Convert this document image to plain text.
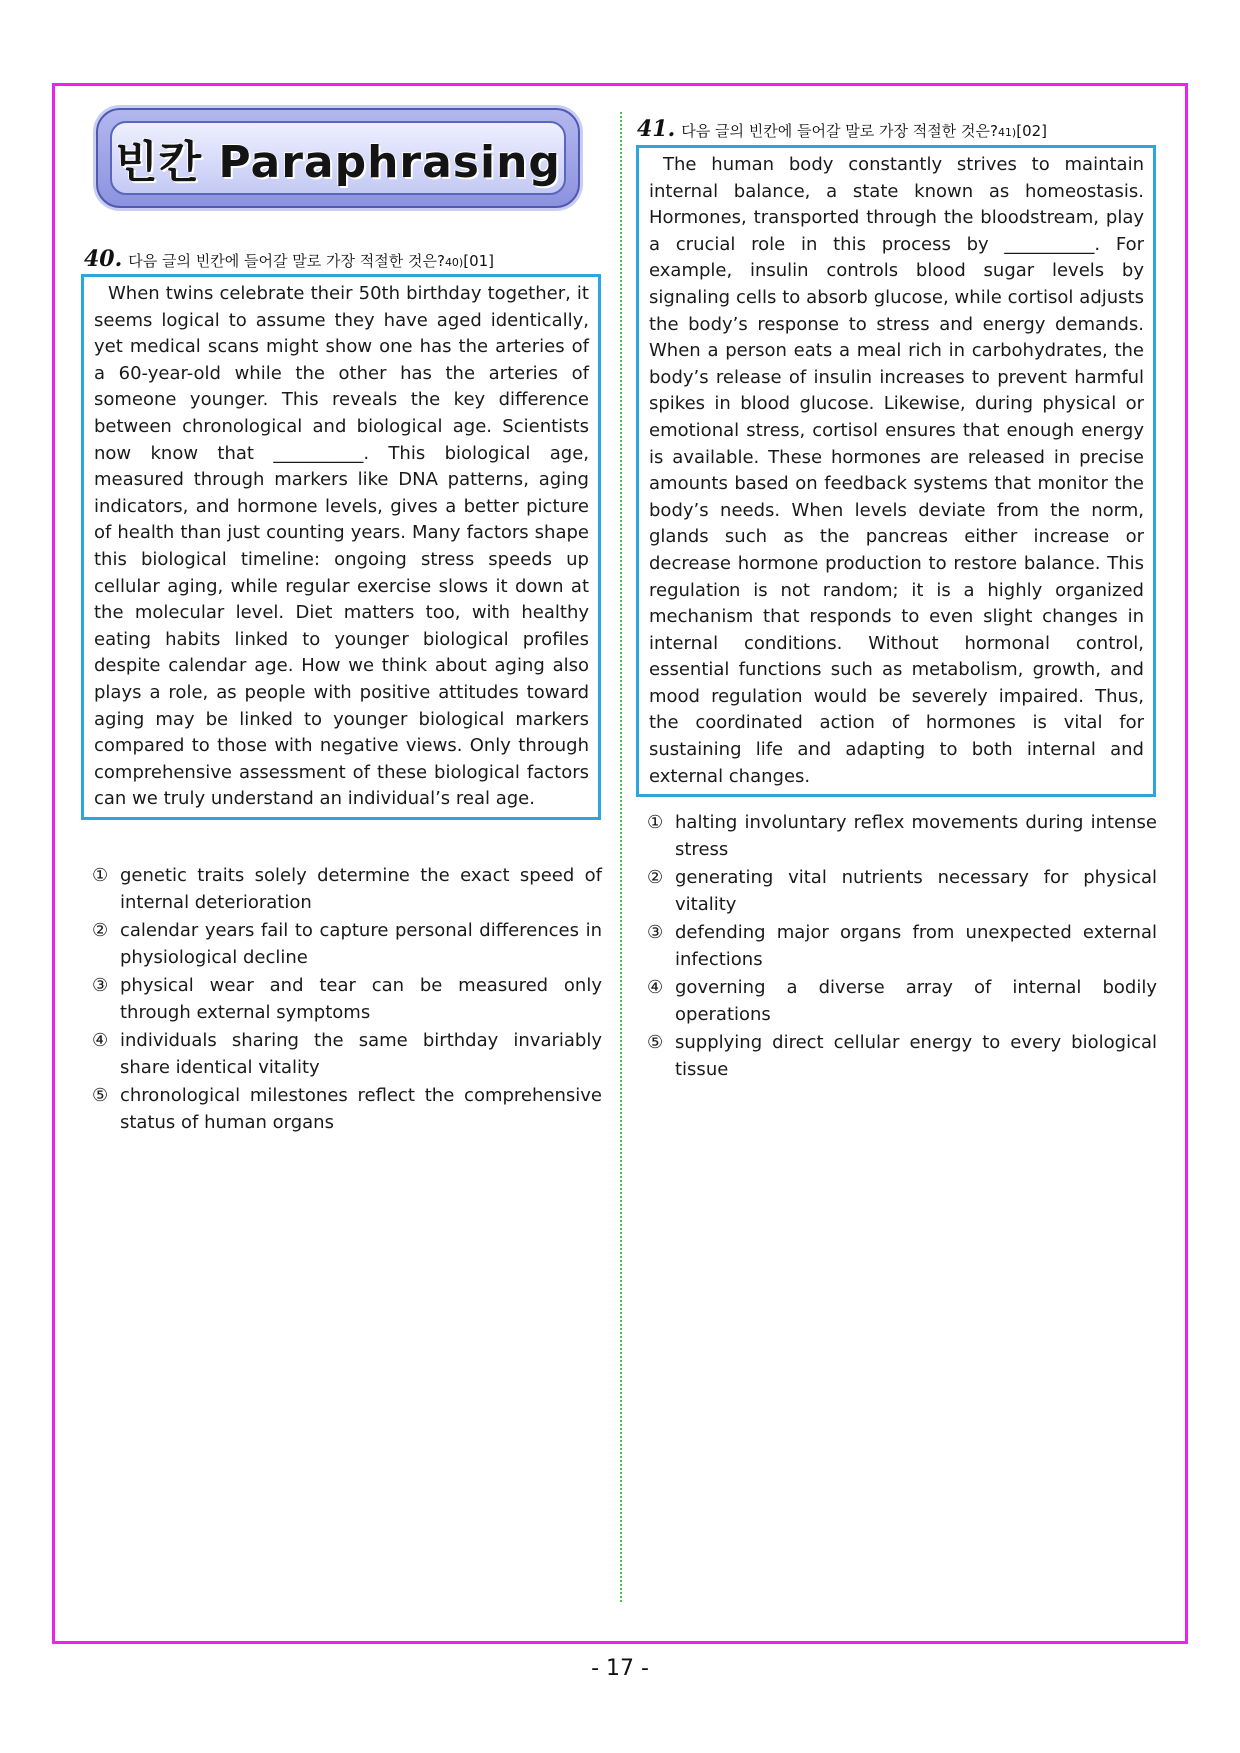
빈칸 Paraphrasing
40. 다음 글의 빈칸에 들어갈 말로 가장 적절한 것은? 40) [01]

When twins celebrate their 50th birthday together, it seems logical to assume they have aged identically, yet medical scans might show one has the arteries of a 60-year-old while the other has the arteries of someone younger. This reveals the key difference between chronological and biological age. Scientists now know that __________. This biological age, measured through markers like DNA patterns, aging indicators, and hormone levels, gives a better picture of health than just counting years. Many factors shape this biological timeline: ongoing stress speeds up cellular aging, while regular exercise slows it down at the molecular level. Diet matters too, with healthy eating habits linked to younger biological profiles despite calendar age. How we think about aging also plays a role, as people with positive attitudes toward aging may be linked to younger biological markers compared to those with negative views. Only through comprehensive assessment of these biological factors can we truly understand an individual’s real age.

① genetic traits solely determine the exact speed of internal deterioration
② calendar years fail to capture personal differences in physiological decline
③ physical wear and tear can be measured only through external symptoms
④ individuals sharing the same birthday invariably share identical vitality
⑤ chronological milestones reflect the comprehensive status of human organs
41. 다음 글의 빈칸에 들어갈 말로 가장 적절한 것은? 41) [02]

The human body constantly strives to maintain internal balance, a state known as homeostasis. Hormones, transported through the bloodstream, play a crucial role in this process by __________. For example, insulin controls blood sugar levels by signaling cells to absorb glucose, while cortisol adjusts the body’s response to stress and energy demands. When a person eats a meal rich in carbohydrates, the body’s release of insulin increases to prevent harmful spikes in blood glucose. Likewise, during physical or emotional stress, cortisol ensures that enough energy is available. These hormones are released in precise amounts based on feedback systems that monitor the body’s needs. When levels deviate from the norm, glands such as the pancreas either increase or decrease hormone production to restore balance. This regulation is not random; it is a highly organized mechanism that responds to even slight changes in internal conditions. Without hormonal control, essential functions such as metabolism, growth, and mood regulation would be severely impaired. Thus, the coordinated action of hormones is vital for sustaining life and adapting to both internal and external changes.

① halting involuntary reflex movements during intense stress
② generating vital nutrients necessary for physical vitality
③ defending major organs from unexpected external infections
④ governing a diverse array of internal bodily operations
⑤ supplying direct cellular energy to every biological tissue
- 17 -
